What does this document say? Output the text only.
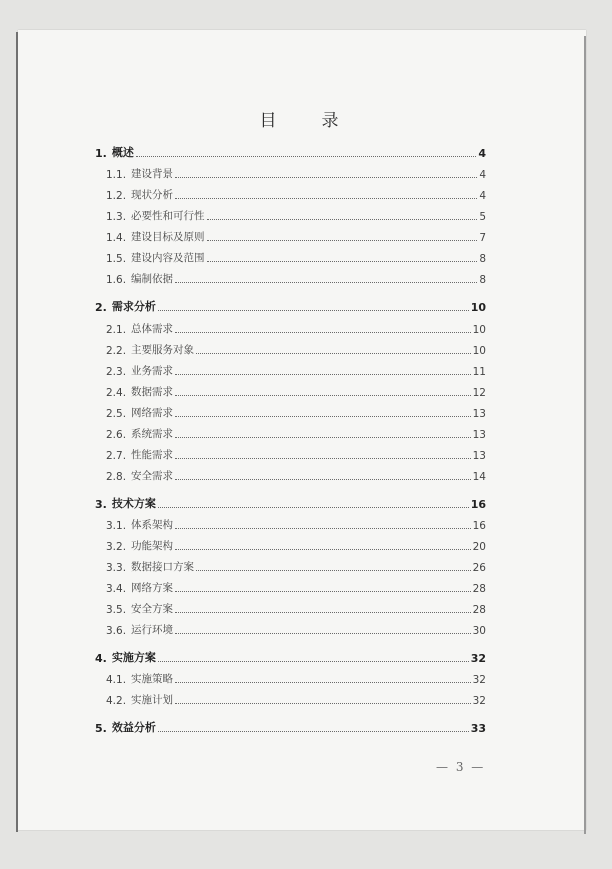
目　录
1. 概述	4
1.1. 建设背景	4
1.2. 现状分析	4
1.3. 必要性和可行性	5
1.4. 建设目标及原则	7
1.5. 建设内容及范围	8
1.6. 编制依据	8
2. 需求分析	10
2.1. 总体需求	10
2.2. 主要服务对象	10
2.3. 业务需求	11
2.4. 数据需求	12
2.5. 网络需求	13
2.6. 系统需求	13
2.7. 性能需求	13
2.8. 安全需求	14
3. 技术方案	16
3.1. 体系架构	16
3.2. 功能架构	20
3.3. 数据接口方案	26
3.4. 网络方案	28
3.5. 安全方案	28
3.6. 运行环境	30
4. 实施方案	32
4.1. 实施策略	32
4.2. 实施计划	32
5. 效益分析	33
— 3 —
